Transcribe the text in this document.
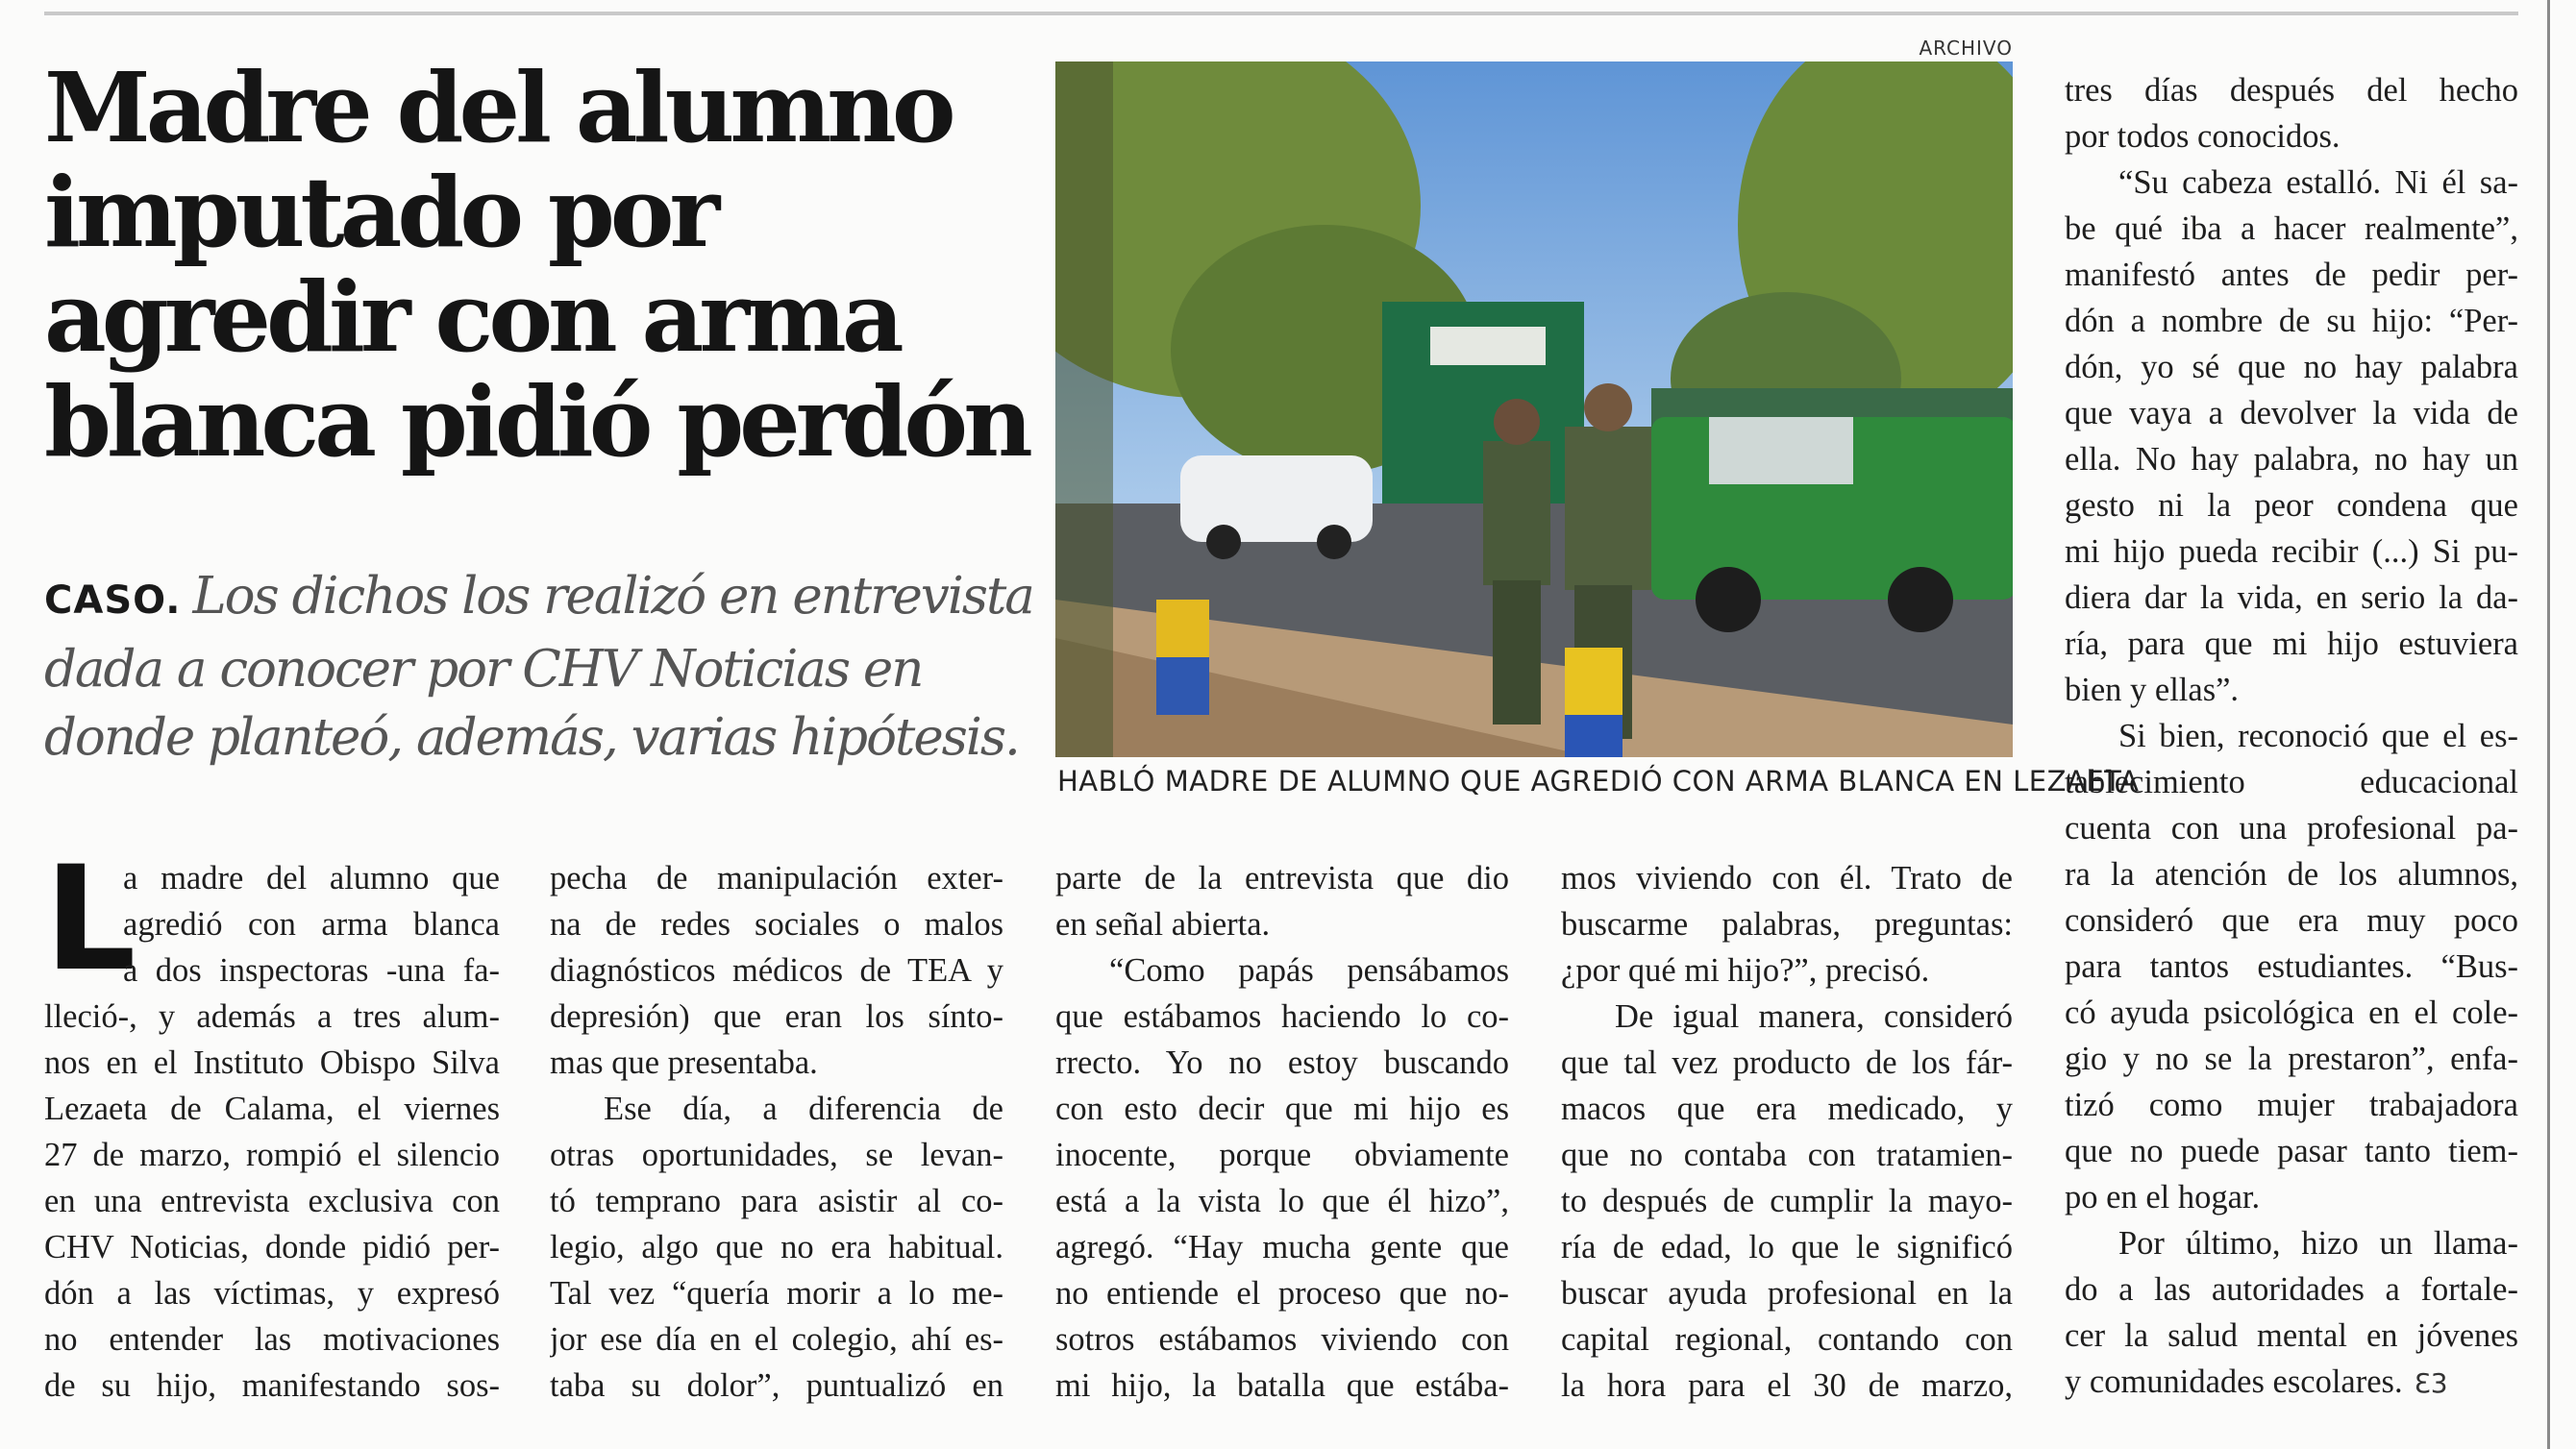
Madre del alumno
imputado por
agredir con arma
blanca pidió perdón
CASO. Los dichos los realizó en entrevista
dada a conocer por CHV Noticias en
donde planteó, además, varias hipótesis.
ARCHIVO
HABLÓ MADRE DE ALUMNO QUE AGREDIÓ CON ARMA BLANCA EN LEZAETA
L
a madre del alumno que
agredió con arma blanca
a dos inspectoras -una fa-
lleció-, y además a tres alum-
nos en el Instituto Obispo Silva
Lezaeta de Calama, el viernes
27 de marzo, rompió el silencio
en una entrevista exclusiva con
CHV Noticias, donde pidió per-
dón a las víctimas, y expresó
no entender las motivaciones
de su hijo, manifestando sos-
pecha de manipulación exter-
na de redes sociales o malos
diagnósticos médicos de TEA y
depresión) que eran los sínto-
mas que presentaba.
Ese día, a diferencia de
otras oportunidades, se levan-
tó temprano para asistir al co-
legio, algo que no era habitual.
Tal vez “quería morir a lo me-
jor ese día en el colegio, ahí es-
taba su dolor”, puntualizó en
parte de la entrevista que dio
en señal abierta.
“Como papás pensábamos
que estábamos haciendo lo co-
rrecto. Yo no estoy buscando
con esto decir que mi hijo es
inocente, porque obviamente
está a la vista lo que él hizo”,
agregó. “Hay mucha gente que
no entiende el proceso que no-
sotros estábamos viviendo con
mi hijo, la batalla que estába-
mos viviendo con él. Trato de
buscarme palabras, preguntas:
¿por qué mi hijo?”, precisó.
De igual manera, consideró
que tal vez producto de los fár-
macos que era medicado, y
que no contaba con tratamien-
to después de cumplir la mayo-
ría de edad, lo que le significó
buscar ayuda profesional en la
capital regional, contando con
la hora para el 30 de marzo,
tres días después del hecho
por todos conocidos.
“Su cabeza estalló. Ni él sa-
be qué iba a hacer realmente”,
manifestó antes de pedir per-
dón a nombre de su hijo: “Per-
dón, yo sé que no hay palabra
que vaya a devolver la vida de
ella. No hay palabra, no hay un
gesto ni la peor condena que
mi hijo pueda recibir (...) Si pu-
diera dar la vida, en serio la da-
ría, para que mi hijo estuviera
bien y ellas”.
Si bien, reconoció que el es-
tablecimiento educacional
cuenta con una profesional pa-
ra la atención de los alumnos,
consideró que era muy poco
para tantos estudiantes. “Bus-
có ayuda psicológica en el cole-
gio y no se la prestaron”, enfa-
tizó como mujer trabajadora
que no puede pasar tanto tiem-
po en el hogar.
Por último, hizo un llama-
do a las autoridades a fortale-
cer la salud mental en jóvenes
y comunidades escolares. Ɛ3
